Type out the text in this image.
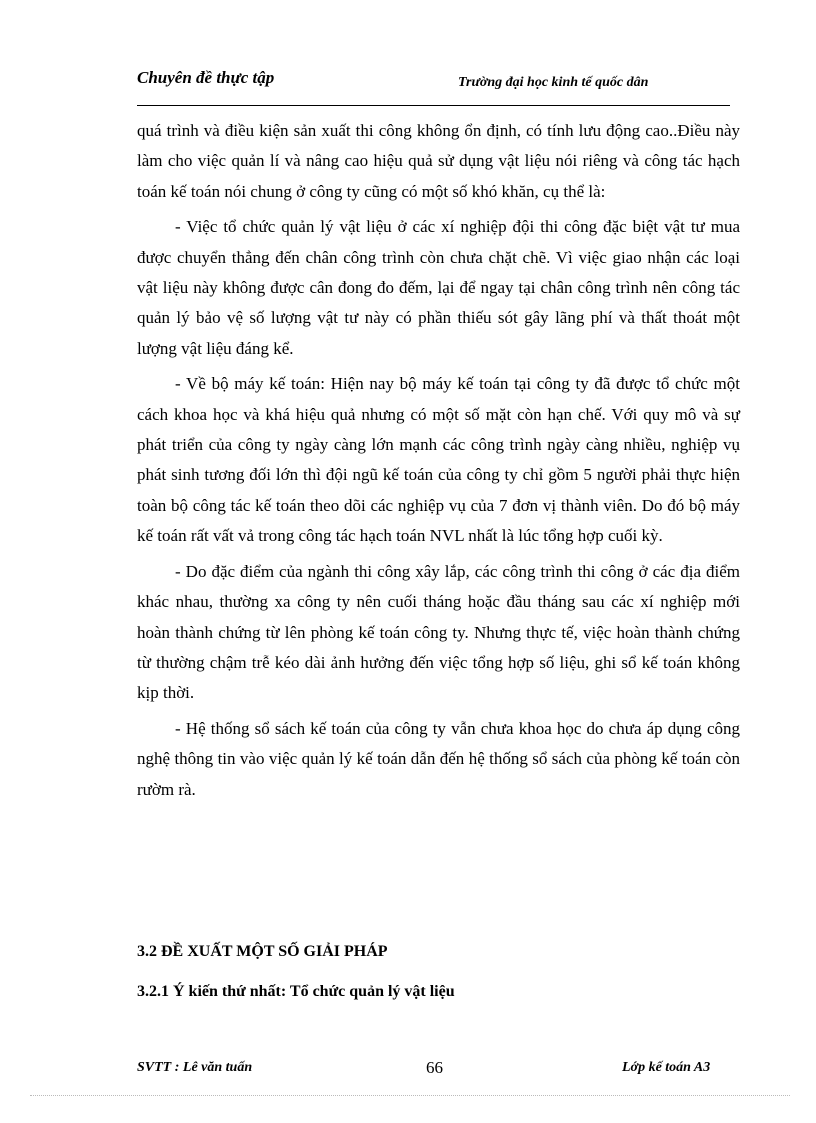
Chuyên đề thực tập	Trường đại học kinh tế quốc dân

quá trình và điều kiện sản xuất thi công không ổn định, có tính lưu động cao..Điều này làm cho việc quản lí và nâng cao hiệu quả sử dụng vật liệu nói riêng và công tác hạch toán kế toán nói chung ở công ty cũng có một số khó khăn, cụ thể là:

- Việc tổ chức quản lý vật liệu ở các xí nghiệp đội thi công đặc biệt vật tư mua được chuyển thẳng đến chân công trình còn chưa chặt chẽ. Vì việc giao nhận các loại vật liệu này không được cân đong đo đếm, lại để ngay tại chân công trình nên công tác quản lý bảo vệ số lượng vật tư này có phần thiếu sót gây lãng phí và thất thoát một lượng vật liệu đáng kể.

- Về bộ máy kế toán: Hiện nay bộ máy kế toán tại công ty đã được tổ chức một cách khoa học và khá hiệu quả nhưng có một số mặt còn hạn chế. Với quy mô và sự phát triển của công ty ngày càng lớn mạnh các công trình ngày càng nhiều, nghiệp vụ phát sinh tương đối lớn thì đội ngũ kế toán của công ty chỉ gồm 5 người phải thực hiện toàn bộ công tác kế toán theo dõi các nghiệp vụ của 7 đơn vị thành viên. Do đó bộ máy kế toán rất vất vả trong công tác hạch toán NVL nhất là lúc tổng hợp cuối kỳ.

- Do đặc điểm của ngành thi công xây lắp, các công trình thi công ở các địa điểm khác nhau, thường xa công ty nên cuối tháng hoặc đầu tháng sau các xí nghiệp mới hoàn thành chứng từ lên phòng kế toán công ty. Nhưng thực tế, việc hoàn thành chứng từ thường chậm trễ kéo dài ảnh hưởng đến việc tổng hợp số liệu, ghi sổ kế toán không kịp thời.

- Hệ thống sổ sách kế toán của công ty vẫn chưa khoa học do chưa áp dụng công nghệ thông tin vào việc quản lý kế toán dẫn đến hệ thống sổ sách của phòng kế toán còn rườm rà.

3.2 ĐỀ XUẤT MỘT SỐ GIẢI PHÁP
3.2.1 Ý kiến thứ nhất: Tổ chức quản lý vật liệu
SVTT : Lê văn tuấn	66	Lớp kế toán A3
